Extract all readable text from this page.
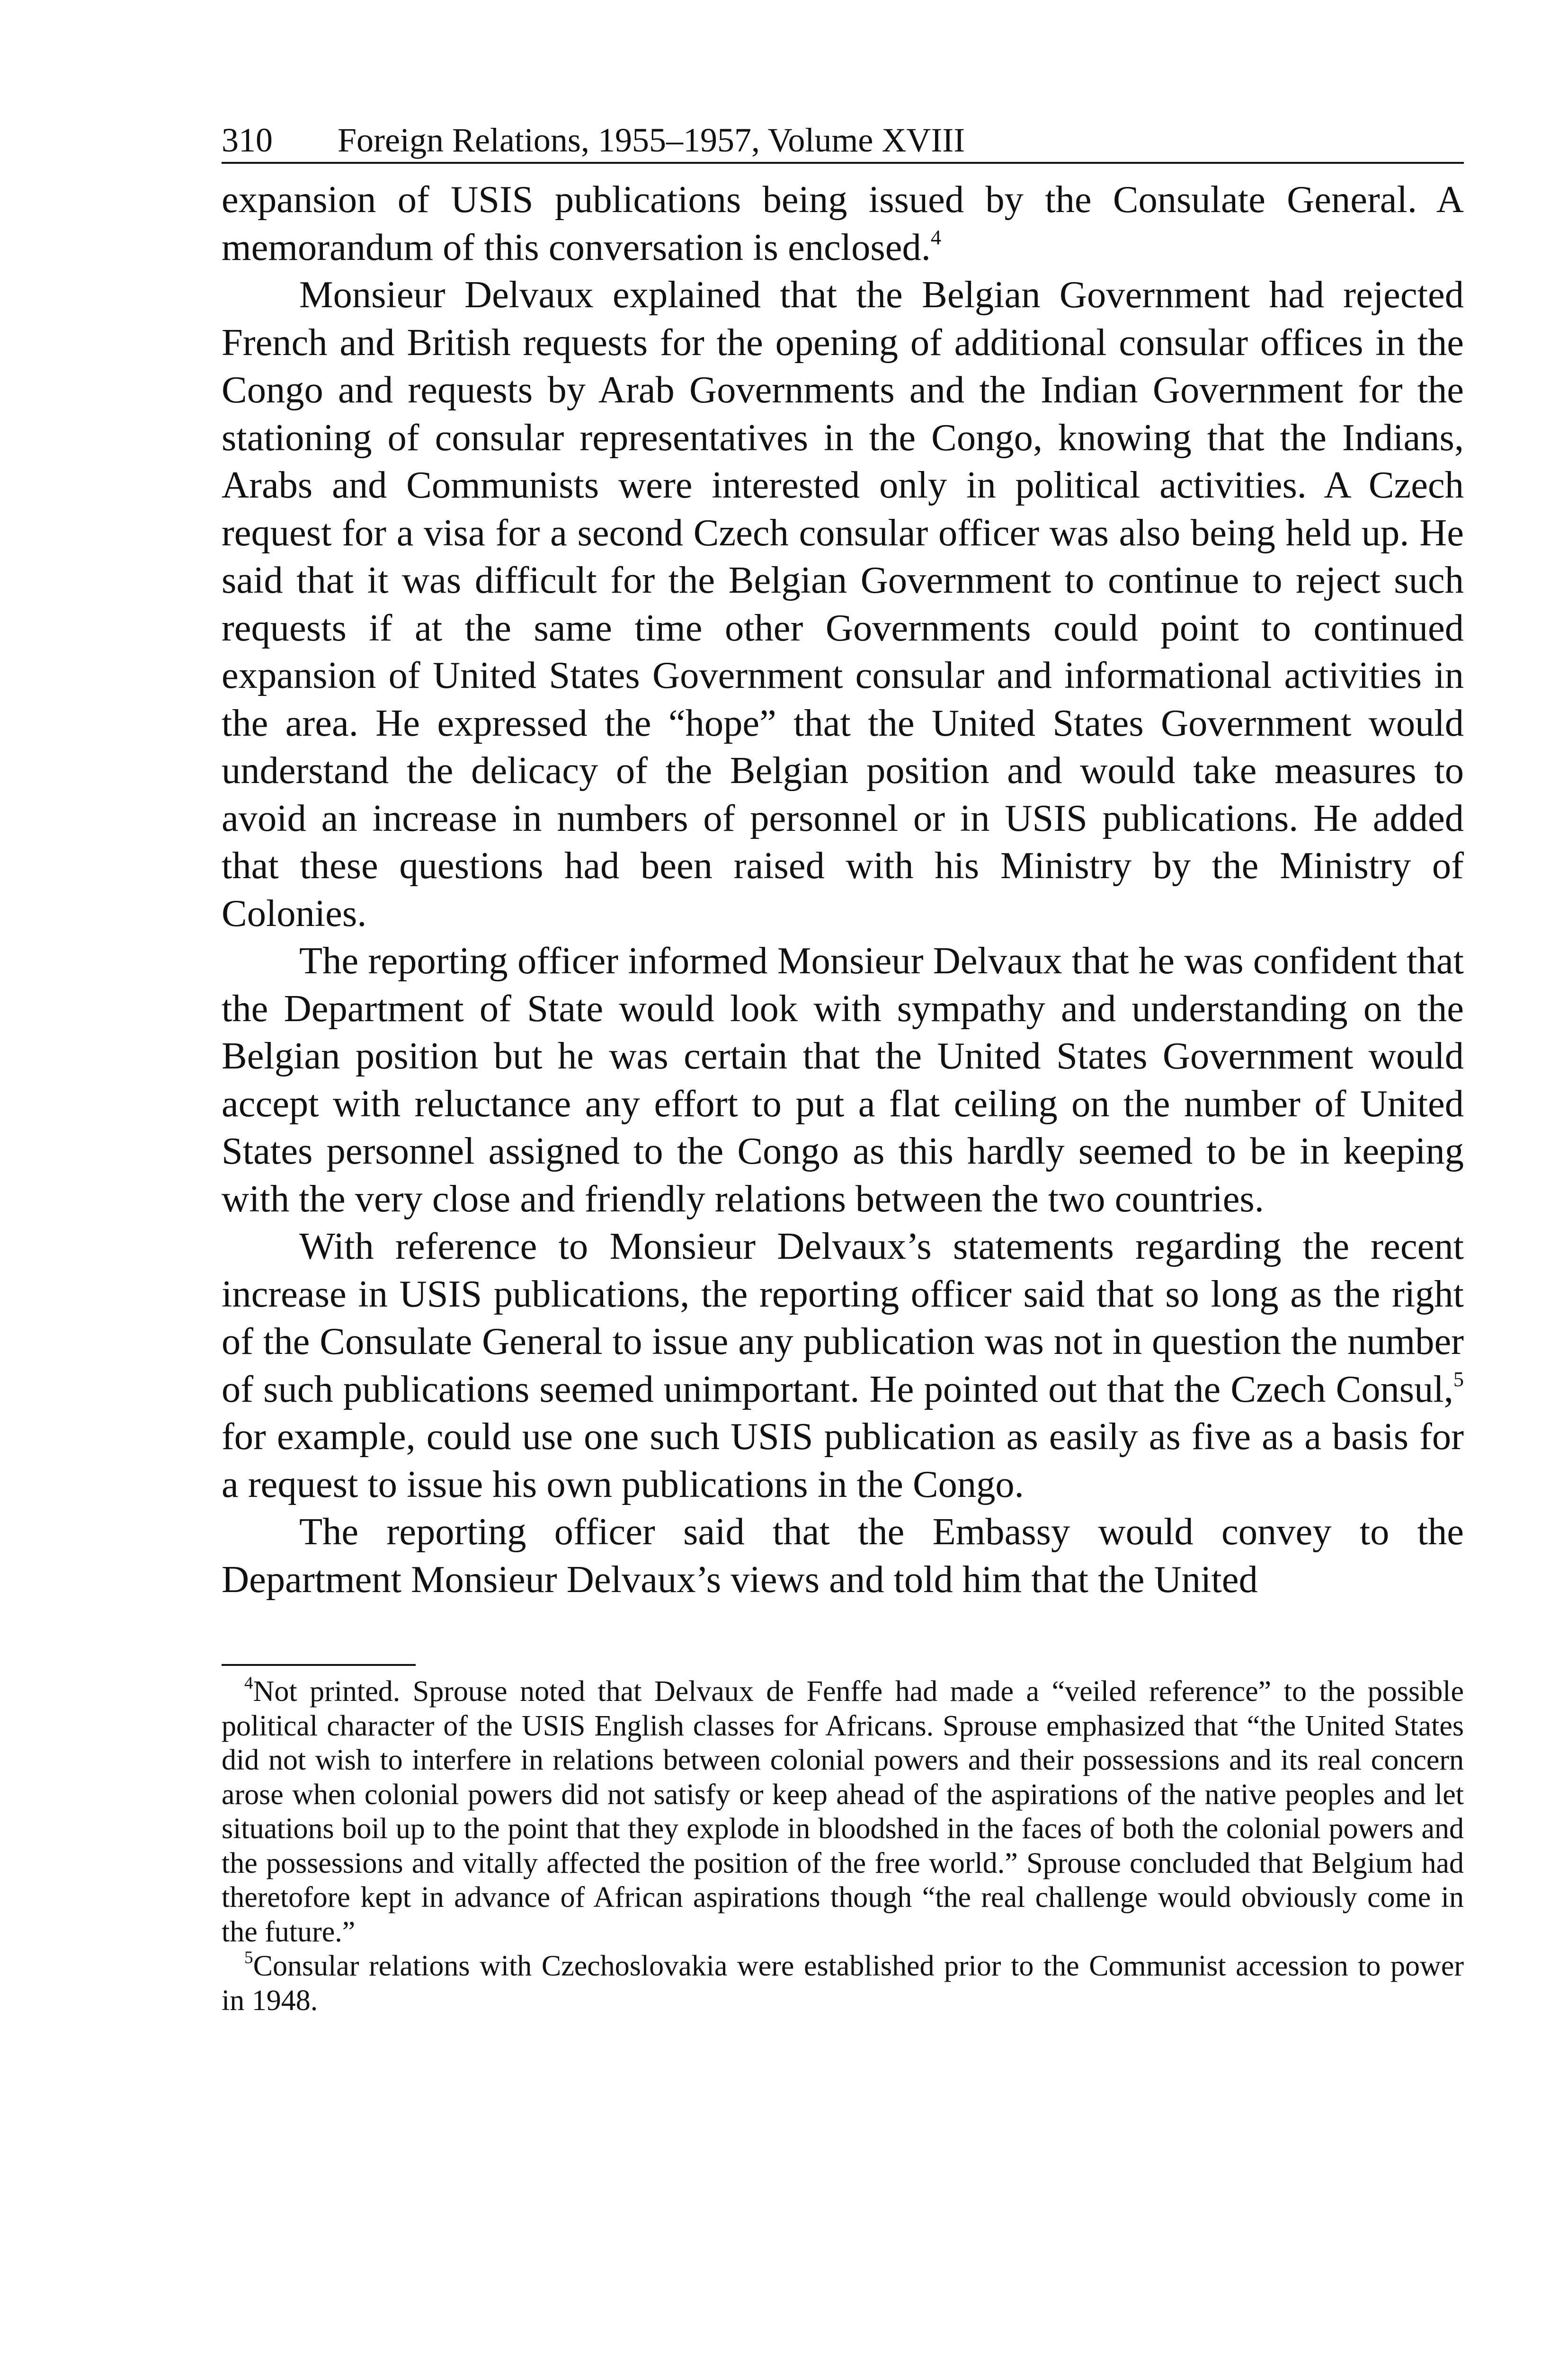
310 Foreign Relations, 1955–1957, Volume XVIII

expansion of USIS publications being issued by the Consulate General. A memorandum of this conversation is enclosed.$^4$

Monsieur Delvaux explained that the Belgian Government had rejected French and British requests for the opening of additional consular offices in the Congo and requests by Arab Governments and the Indian Government for the stationing of consular representatives in the Congo, knowing that the Indians, Arabs and Communists were interested only in political activities. A Czech request for a visa for a second Czech consular officer was also being held up. He said that it was difficult for the Belgian Government to continue to reject such requests if at the same time other Governments could point to continued expansion of United States Government consular and informational activities in the area. He expressed the “hope” that the United States Government would understand the delicacy of the Belgian position and would take measures to avoid an increase in numbers of personnel or in USIS publications. He added that these questions had been raised with his Ministry by the Ministry of Colonies.

The reporting officer informed Monsieur Delvaux that he was confident that the Department of State would look with sympathy and understanding on the Belgian position but he was certain that the United States Government would accept with reluctance any effort to put a flat ceiling on the number of United States personnel assigned to the Congo as this hardly seemed to be in keeping with the very close and friendly relations between the two countries.

With reference to Monsieur Delvaux’s statements regarding the recent increase in USIS publications, the reporting officer said that so long as the right of the Consulate General to issue any publication was not in question the number of such publications seemed unimportant. He pointed out that the Czech Consul,$^5$ for example, could use one such USIS publication as easily as five as a basis for a request to issue his own publications in the Congo.

The reporting officer said that the Embassy would convey to the Department Monsieur Delvaux’s views and told him that the United

$^4$Not printed. Sprouse noted that Delvaux de Fenffe had made a “veiled reference” to the possible political character of the USIS English classes for Africans. Sprouse emphasized that “the United States did not wish to interfere in relations between colonial powers and their possessions and its real concern arose when colonial powers did not satisfy or keep ahead of the aspirations of the native peoples and let situations boil up to the point that they explode in bloodshed in the faces of both the colonial powers and the possessions and vitally affected the position of the free world.” Sprouse concluded that Belgium had theretofore kept in advance of African aspirations though “the real challenge would obviously come in the future.”

$^5$Consular relations with Czechoslovakia were established prior to the Communist accession to power in 1948.
